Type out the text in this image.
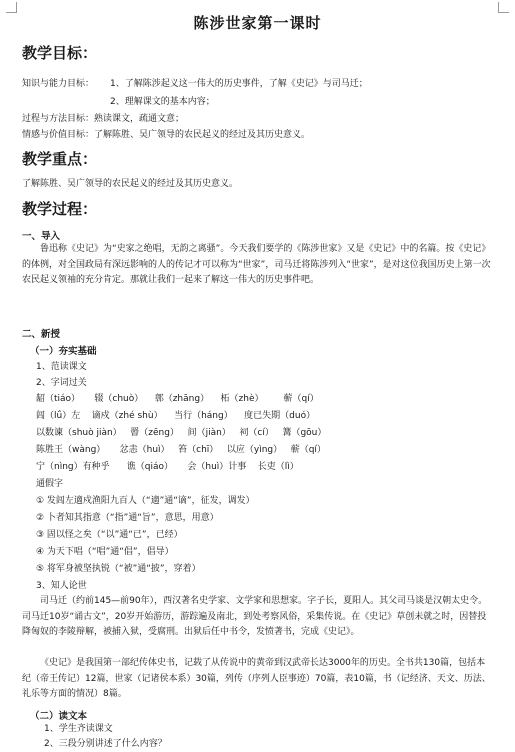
陈涉世家第一课时
教学目标：
知识与能力目标： 1、了解陈涉起义这一伟大的历史事件，了解《史记》与司马迁；
2、理解课文的基本内容；
过程与方法目标：熟读课文，疏通文意；
情感与价值目标：了解陈胜、吴广领导的农民起义的经过及其历史意义。
教学重点：
了解陈胜、吴广领导的农民起义的经过及其历史意义。
教学过程：
一、导入
鲁迅称《史记》为“史家之绝唱，无韵之离骚”。今天我们要学的《陈涉世家》又是《史记》中的名篇。按《史记》的体例，对全国政局有深远影响的人的传记才可以称为“世家”，司马迁将陈涉列入“世家”，是对这位我国历史上第一次农民起义领袖的充分肯定。那就让我们一起来了解这一伟大的历史事件吧。
二、新授
（一）夯实基础
1、范读课文
2、字词过关
龆（tiáo） 辍（chuò） 鄣（zhāng） 柘（zhè） 蕲（qí）
闾（lǘ）左 谪戍（zhé shù） 当行（háng） 度已失期（duó）
以数谏（shuò jiàn） 罾（zēng） 间（jiàn） 祠（cí） 篝（gōu）
陈胜王（wàng） 忿恚（huì） 笞（chī） 以应（yìng） 蕲（qí）
宁（nìng）有种乎 谯（qiáo） 会（huì）计事 长吏（lì）
通假字
① 发闾左適戍渔阳九百人（“適”通“谪”，征发，调发）
② 卜者知其指意（“指”通“旨”，意思，用意）
③ 固以怪之矣（“以”通“已”，已经）
④ 为天下唱（“唱”通“倡”，倡导）
⑤ 将军身被坚执锐（“被”通“披”，穿着）
3、知人论世
司马迁（约前145—前90年），西汉著名史学家、文学家和思想家。字子长，夏阳人。其父司马谈是汉朝太史令。司马迁10岁“诵古文”，20岁开始游历，游踪遍及南北，到处考察风俗，采集传说。在《史记》草创未就之时，因替投降匈奴的李陵辩解，被捕入狱，受腐刑。出狱后任中书令，发愤著书，完成《史记》。
《史记》是我国第一部纪传体史书，记载了从传说中的黄帝到汉武帝长达3000年的历史。全书共130篇，包括本纪（帝王传记）12篇，世家（记诸侯本系）30篇，列传（序列人臣事迹）70篇，表10篇，书（记经济、天文、历法、礼乐等方面的情况）8篇。
（二）读文本
1、学生齐读课文
2、三段分别讲述了什么内容？
